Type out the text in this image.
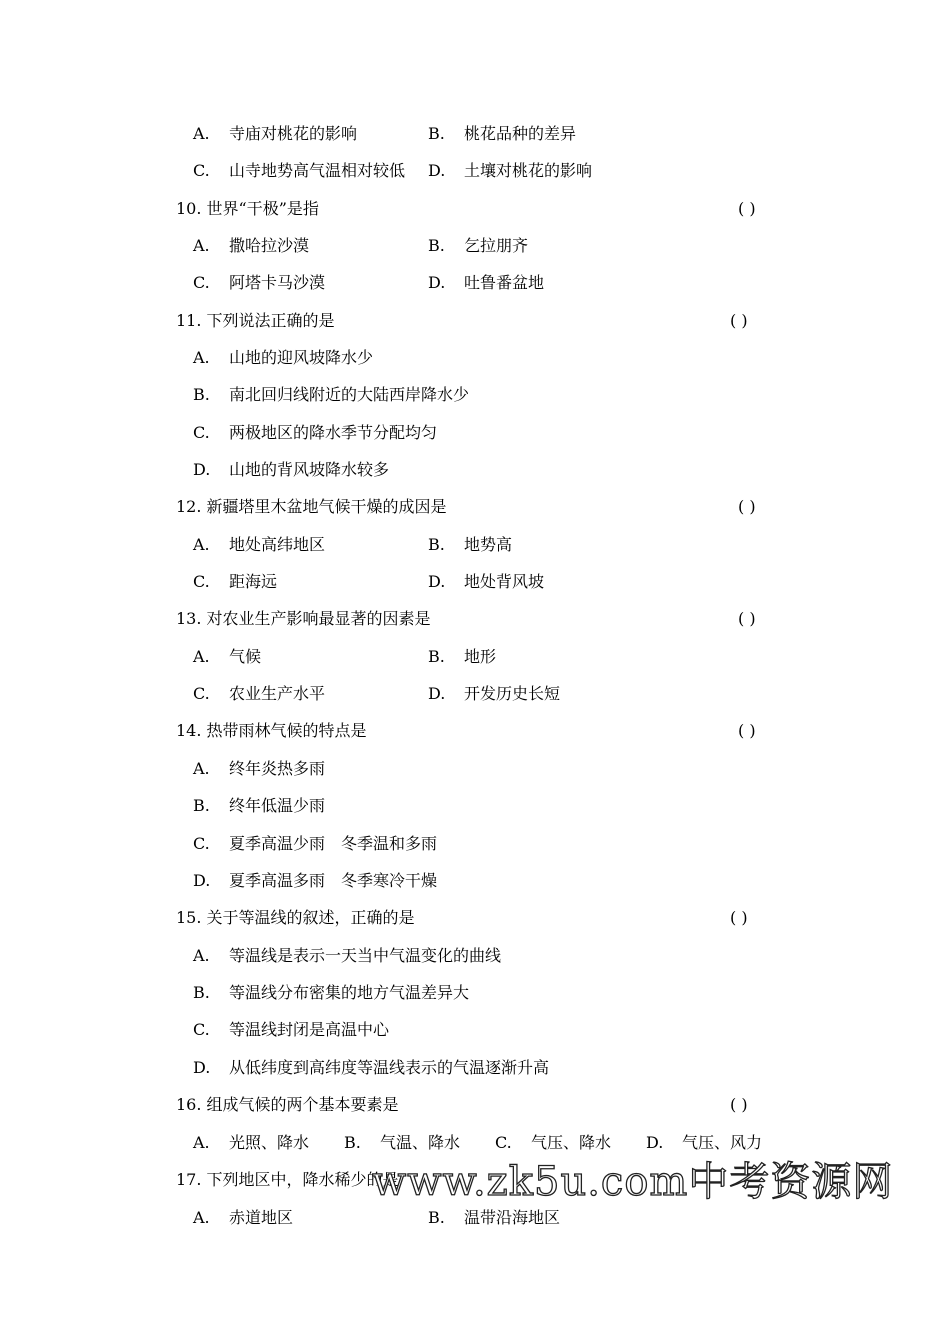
A. 寺庙对桃花的影响	B. 桃花品种的差异
C. 山寺地势高气温相对较低 D. 土壤对桃花的影响
10. 世界“干极”是指	( )
A. 撒哈拉沙漠	B. 乞拉朋齐
C. 阿塔卡马沙漠	D. 吐鲁番盆地
11. 下列说法正确的是	( )
A. 山地的迎风坡降水少
B. 南北回归线附近的大陆西岸降水少
C. 两极地区的降水季节分配均匀
D. 山地的背风坡降水较多
12. 新疆塔里木盆地气候干燥的成因是	( )
A. 地处高纬地区	B. 地势高
C. 距海远	D. 地处背风坡
13. 对农业生产影响最显著的因素是	( )
A. 气候	B. 地形
C. 农业生产水平	D. 开发历史长短
14. 热带雨林气候的特点是	( )
A. 终年炎热多雨
B. 终年低温少雨
C. 夏季高温少雨　冬季温和多雨
D. 夏季高温多雨　冬季寒冷干燥
15. 关于等温线的叙述，正确的是	( )
A. 等温线是表示一天当中气温变化的曲线
B. 等温线分布密集的地方气温差异大
C. 等温线封闭是高温中心
D. 从低纬度到高纬度等温线表示的气温逐渐升高
16. 组成气候的两个基本要素是	( )
A. 光照、降水 B. 气温、降水 C. 气压、降水 D. 气压、风力
17. 下列地区中，降水稀少的是
A. 赤道地区	B. 温带沿海地区
www.zk5u.com中考资源网
